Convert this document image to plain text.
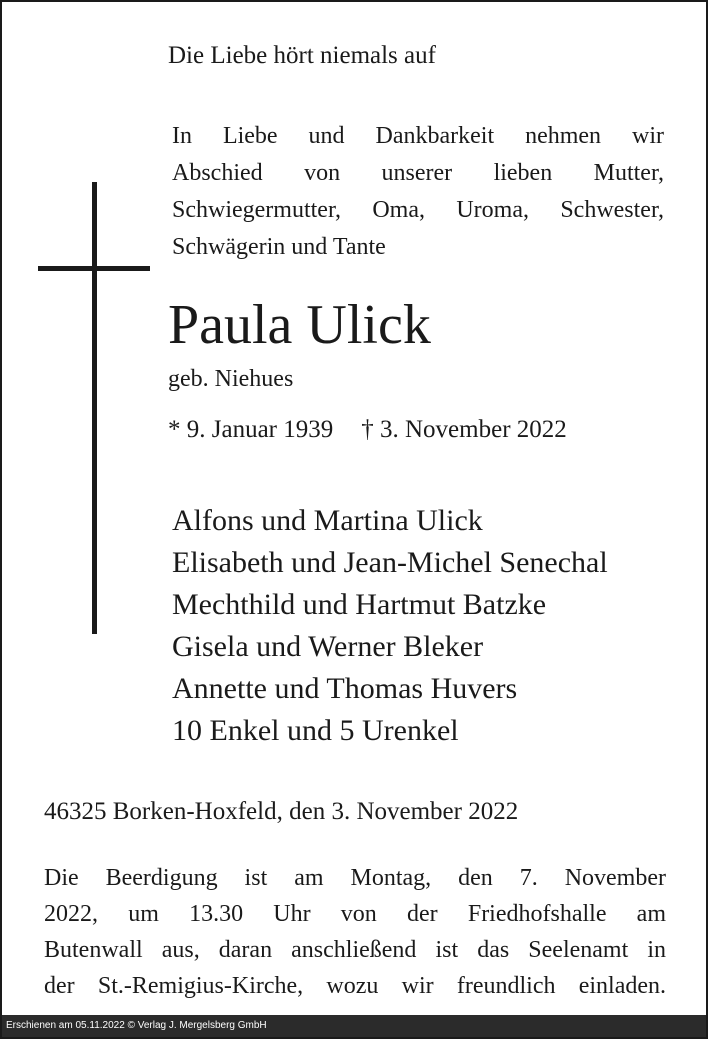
Die Liebe hört niemals auf
In Liebe und Dankbarkeit nehmen wir
Abschied von unserer lieben Mutter,
Schwiegermutter, Oma, Uroma, Schwester,
Schwägerin und Tante
Paula Ulick
geb. Niehues
* 9. Januar 1939 † 3. November 2022
Alfons und Martina Ulick
Elisabeth und Jean-Michel Senechal
Mechthild und Hartmut Batzke
Gisela und Werner Bleker
Annette und Thomas Huvers
10 Enkel und 5 Urenkel
46325 Borken-Hoxfeld, den 3. November 2022
Die Beerdigung ist am Montag, den 7. November
2022, um 13.30 Uhr von der Friedhofshalle am
Butenwall aus, daran anschließend ist das Seelenamt in
der St.-Remigius-Kirche, wozu wir freundlich einladen.
Erschienen am 05.11.2022 © Verlag J. Mergelsberg GmbH
